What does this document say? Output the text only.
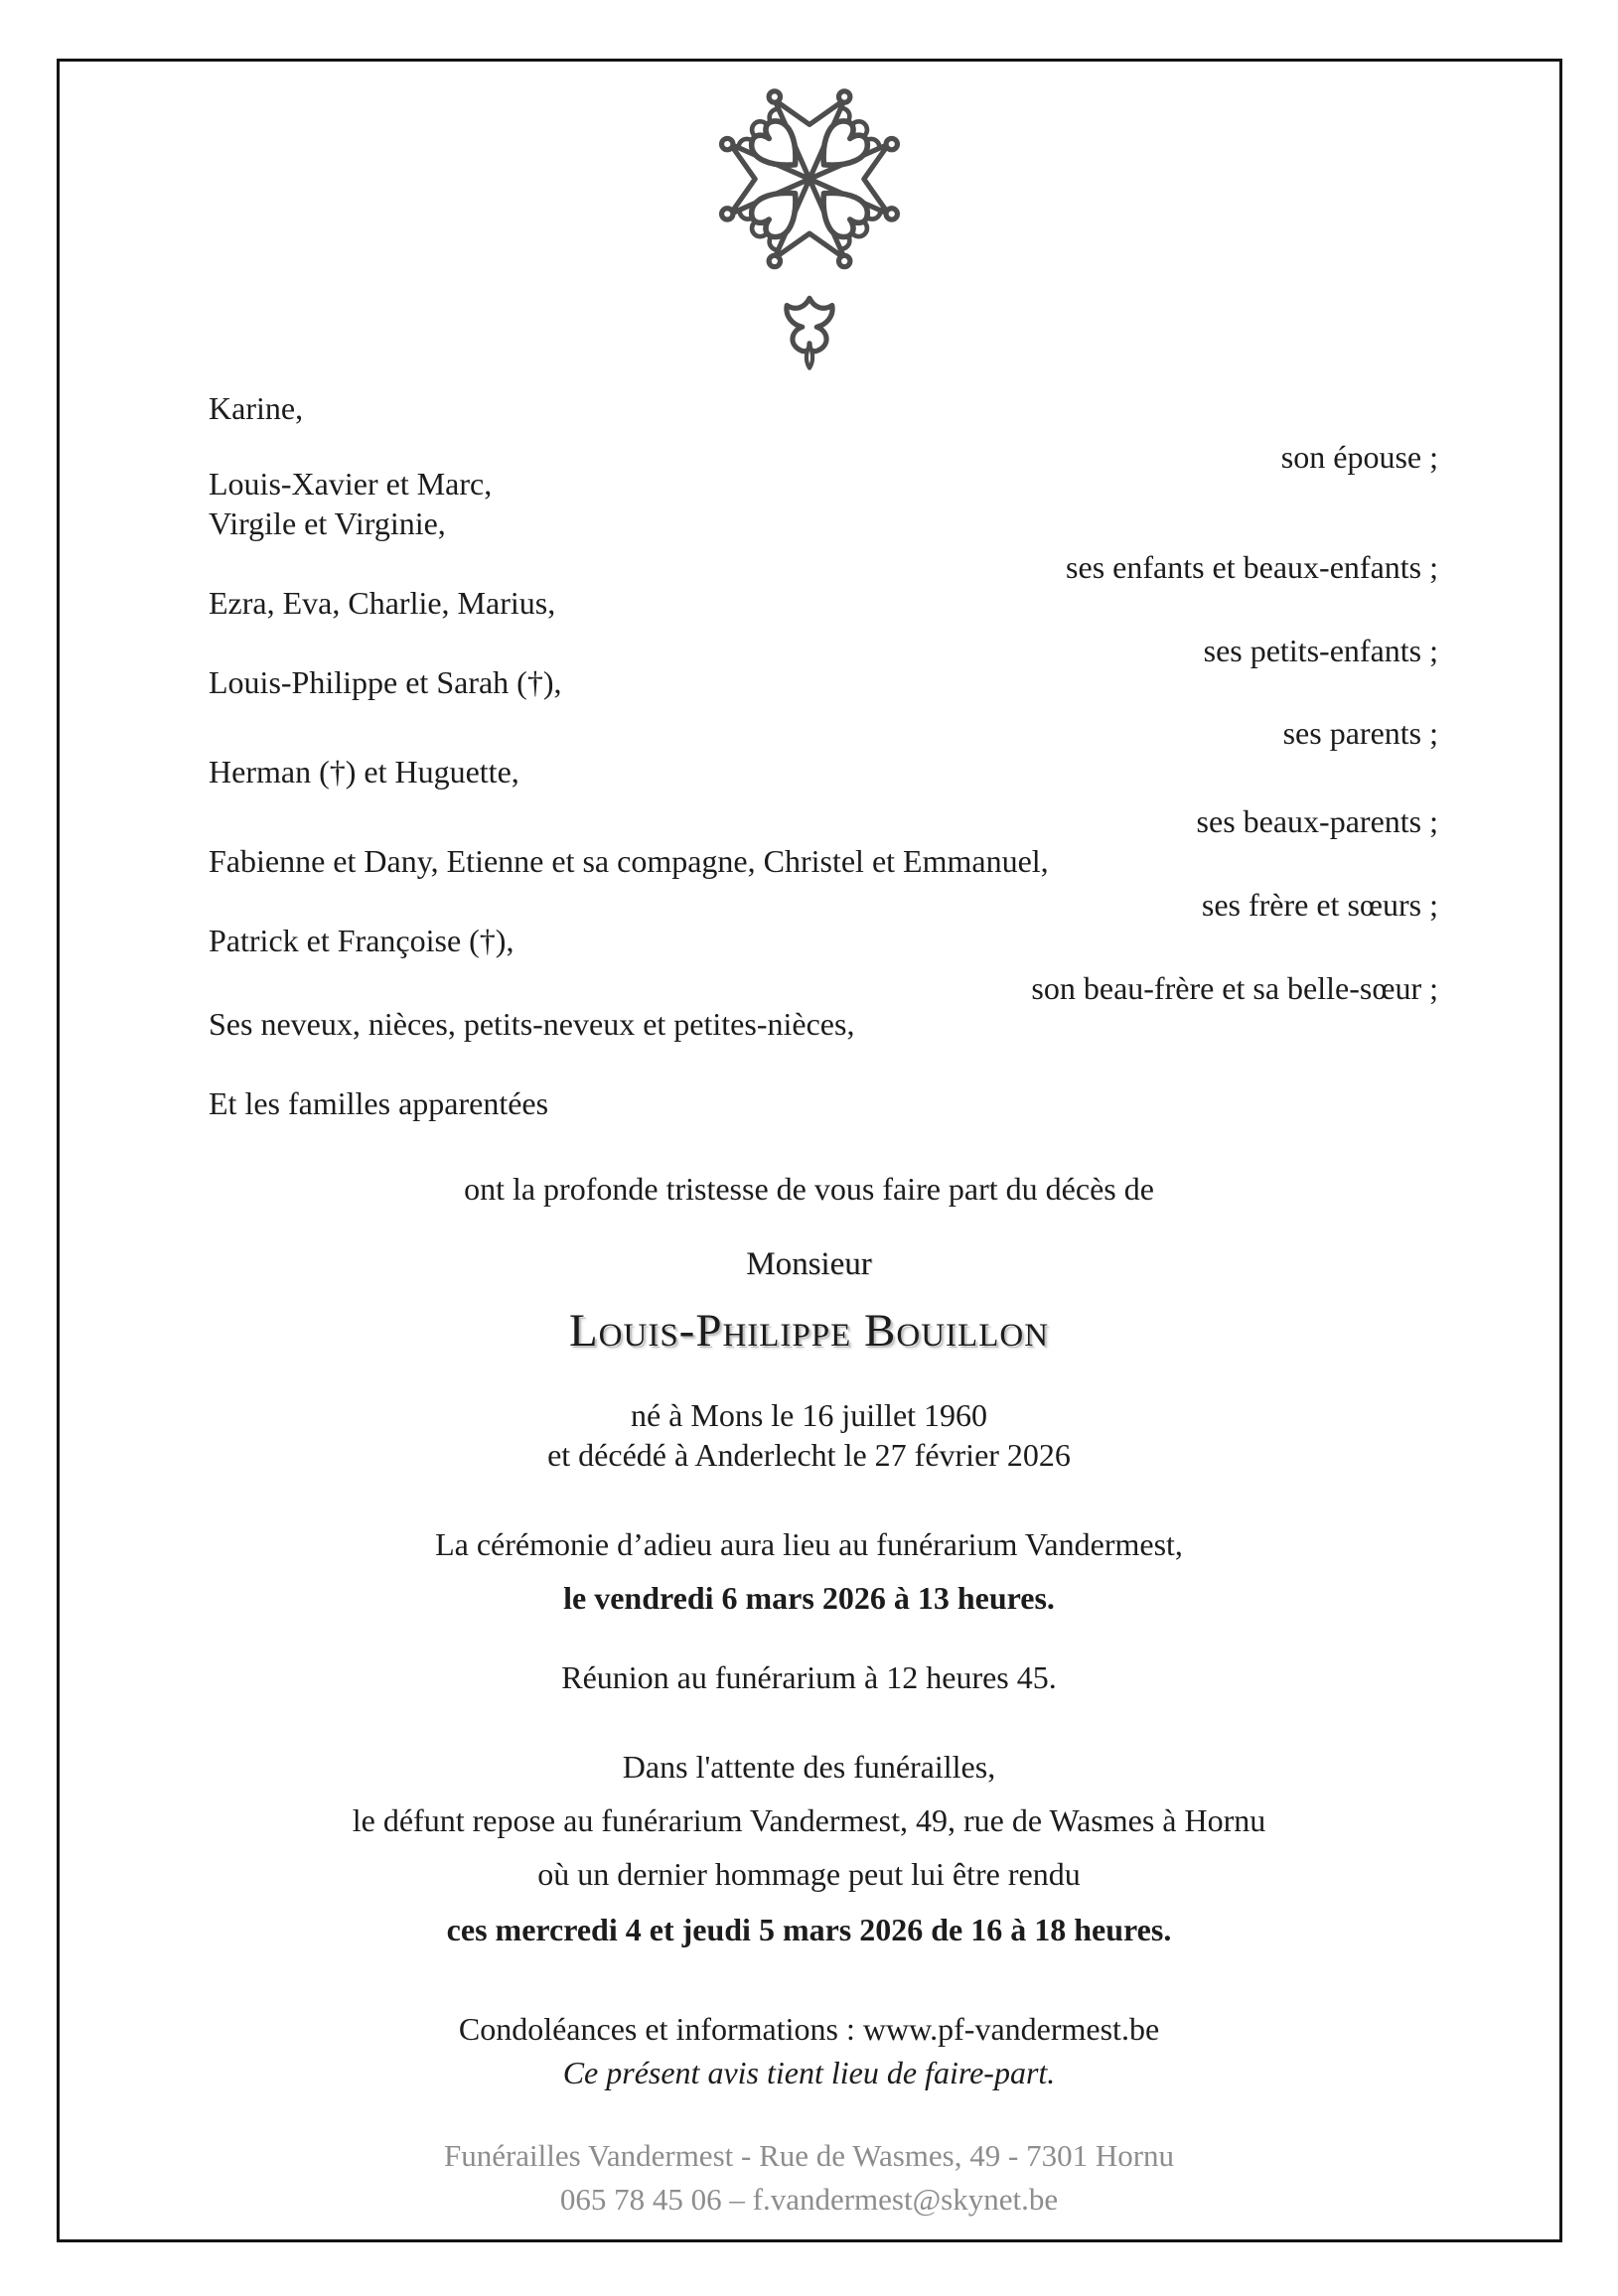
Karine,
son épouse ;
Louis-Xavier et Marc,
Virgile et Virginie,
ses enfants et beaux-enfants ;
Ezra, Eva, Charlie, Marius,
ses petits-enfants ;
Louis-Philippe et Sarah (†),
ses parents ;
Herman (†) et Huguette,
ses beaux-parents ;
Fabienne et Dany, Etienne et sa compagne, Christel et Emmanuel,
ses frère et sœurs ;
Patrick et Françoise (†),
son beau-frère et sa belle-sœur ;
Ses neveux, nièces, petits-neveux et petites-nièces,
Et les familles apparentées
ont la profonde tristesse de vous faire part du décès de
Monsieur
Louis-Philippe Bouillon
né à Mons le 16 juillet 1960
et décédé à Anderlecht le 27 février 2026
La cérémonie d’adieu aura lieu au funérarium Vandermest,
le vendredi 6 mars 2026 à 13 heures.
Réunion au funérarium à 12 heures 45.
Dans l'attente des funérailles,
le défunt repose au funérarium Vandermest, 49, rue de Wasmes à Hornu
où un dernier hommage peut lui être rendu
ces mercredi 4 et jeudi 5 mars 2026 de 16 à 18 heures.
Condoléances et informations : www.pf-vandermest.be
Ce présent avis tient lieu de faire-part.
Funérailles Vandermest - Rue de Wasmes, 49 - 7301 Hornu
065 78 45 06 – f.vandermest@skynet.be
